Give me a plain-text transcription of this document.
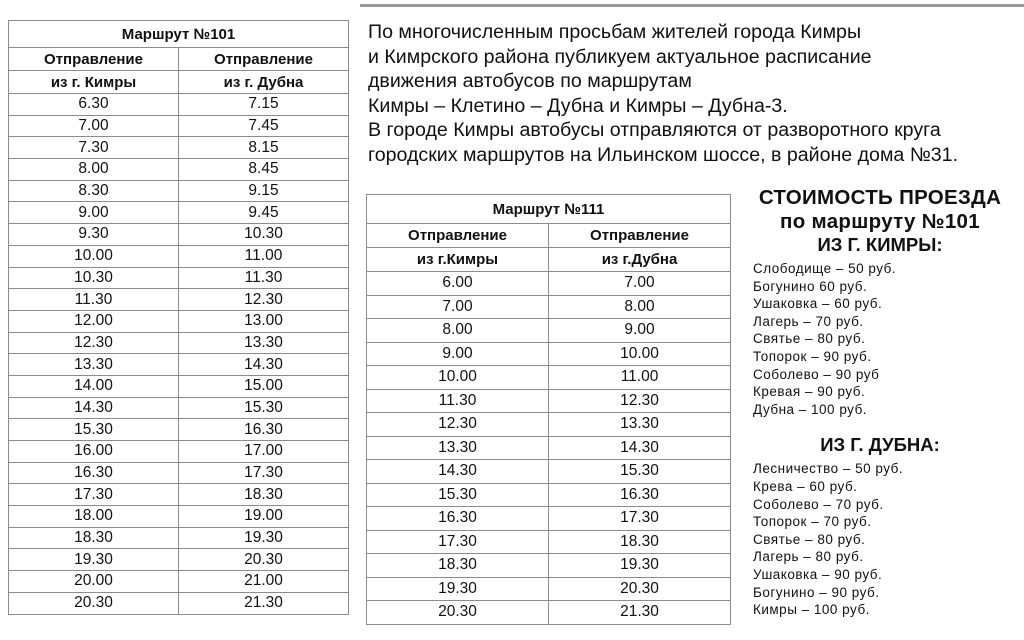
Маршрут №101	
Отправление	Отправление
из г. Кимры	из г. Дубна
6.30	7.15
7.00	7.45
7.30	8.15
8.00	8.45
8.30	9.15
9.00	9.45
9.30	10.30
10.00	11.00
10.30	11.30
11.30	12.30
12.00	13.00
12.30	13.30
13.30	14.30
14.00	15.00
14.30	15.30
15.30	16.30
16.00	17.00
16.30	17.30
17.30	18.30
18.00	19.00
18.30	19.30
19.30	20.30
20.00	21.00
20.30	21.30
По многочисленным просьбам жителей города Кимры
и Кимрского района публикуем актуальное расписание
движения автобусов по маршрутам
Кимры – Клетино – Дубна и Кимры – Дубна-3.
В городе Кимры автобусы отправляются от разворотного круга
городских маршрутов на Ильинском шоссе, в районе дома №31.
Маршрут №111	
Отправление	Отправление
из г.Кимры	из г.Дубна
6.00	7.00
7.00	8.00
8.00	9.00
9.00	10.00
10.00	11.00
11.30	12.30
12.30	13.30
13.30	14.30
14.30	15.30
15.30	16.30
16.30	17.30
17.30	18.30
18.30	19.30
19.30	20.30
20.30	21.30
СТОИМОСТЬ ПРОЕЗДА
по маршруту №101
ИЗ Г. КИМРЫ:
Слободище – 50 руб.
Богунино 60 руб.
Ушаковка – 60 руб.
Лагерь – 70 руб.
Святье – 80 руб.
Топорок – 90 руб.
Соболево – 90 руб
Кревая – 90 руб.
Дубна – 100 руб.
ИЗ Г. ДУБНА:
Лесничество – 50 руб.
Крева – 60 руб.
Соболево – 70 руб.
Топорок – 70 руб.
Святье – 80 руб.
Лагерь – 80 руб.
Ушаковка – 90 руб.
Богунино – 90 руб.
Кимры – 100 руб.
